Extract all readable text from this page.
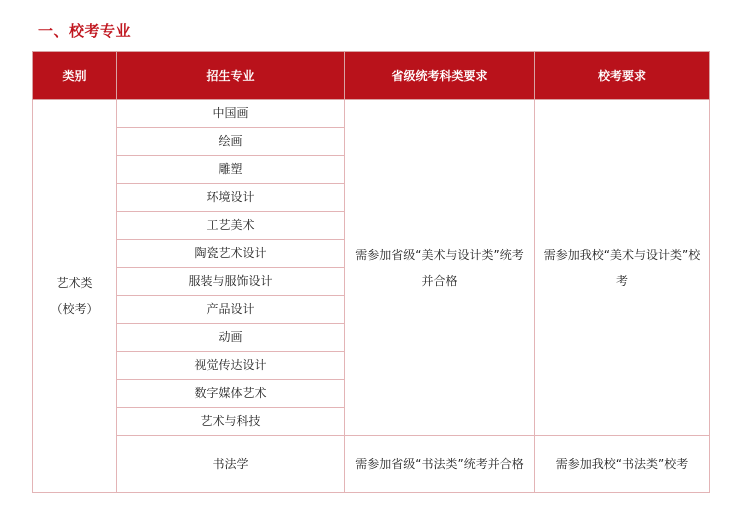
一、校考专业
类别	招生专业	省级统考科类要求	校考要求

艺术类
（校考）	中国画	需参加省级“美术与设计类”统考并合格	需参加我校“美术与设计类”校考
	绘画		
	雕塑		
	环境设计		
	工艺美术		
	陶瓷艺术设计		
	服装与服饰设计		
	产品设计		
	动画		
	视觉传达设计		
	数字媒体艺术		
	艺术与科技		
	书法学	需参加省级“书法类”统考并合格	需参加我校“书法类”校考
